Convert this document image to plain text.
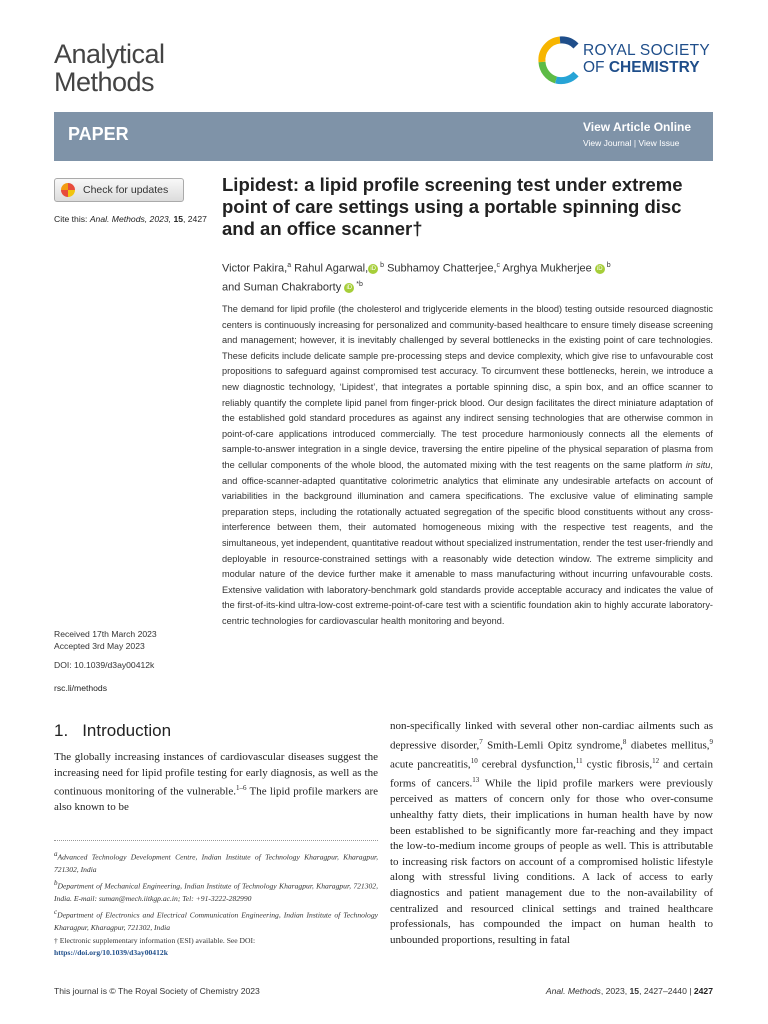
Analytical
Methods
ROYAL SOCIETY
OF CHEMISTRY
PAPER	View Article Online
View Journal | View Issue
Check for updates
Cite this: Anal. Methods, 2023, 15, 2427
Lipidest: a lipid profile screening test under extreme point of care settings using a portable spinning disc and an office scanner†
Victor Pakira,$^a$ Rahul Agarwal, iD $^b$ Subhamoy Chatterjee,$^c$ Arghya Mukherjee iD $^b$
and Suman Chakraborty iD $^{*b}$

The demand for lipid profile (the cholesterol and triglyceride elements in the blood) testing outside resourced diagnostic centers is continuously increasing for personalized and community-based healthcare to ensure timely disease screening and management; however, it is inevitably challenged by several bottlenecks in the existing point of care technologies. These deficits include delicate sample pre-processing steps and device complexity, which give rise to unfavourable cost propositions to safeguard against compromised test accuracy. To circumvent these bottlenecks, herein, we introduce a new diagnostic technology, ‘Lipidest’, that integrates a portable spinning disc, a spin box, and an office scanner to reliably quantify the complete lipid panel from finger-prick blood. Our design facilitates the direct miniature adaptation of the established gold standard procedures as against any indirect sensing technologies that are otherwise common in point-of-care applications introduced commercially. The test procedure harmoniously connects all the elements of sample-to-answer integration in a single device, traversing the entire pipeline of the physical separation of plasma from the cellular components of the whole blood, the automated mixing with the test reagents on the same platform in situ, and office-scanner-adapted quantitative colorimetric analytics that eliminate any undesirable artefacts on account of variabilities in the background illumination and camera specifications. The exclusive value of eliminating sample preparation steps, including the rotationally actuated segregation of the specific blood constituents without any cross-interference between them, their automated homogeneous mixing with the respective test reagents, and the simultaneous, yet independent, quantitative readout without specialized instrumentation, render the test user-friendly and deployable in resource-constrained settings with a reasonably wide detection window. The extreme simplicity and modular nature of the device further make it amenable to mass manufacturing without incurring unfavourable costs. Extensive validation with laboratory-benchmark gold standards provide acceptable accuracy and indicates the value of the first-of-its-kind ultra-low-cost extreme-point-of-care test with a scientific foundation akin to highly accurate laboratory-centric technologies for cardiovascular health monitoring and beyond.

Received 17th March 2023
Accepted 3rd May 2023
DOI: 10.1039/d3ay00412k
rsc.li/methods
1. Introduction

The globally increasing instances of cardiovascular diseases suggest the increasing need for lipid profile testing for early diagnosis, as well as the continuous monitoring of the vulnerable.$^{1-6}$ The lipid profile markers are also known to be

$^a$Advanced Technology Development Centre, Indian Institute of Technology Kharagpur, Kharagpur, 721302, India

$^b$Department of Mechanical Engineering, Indian Institute of Technology Kharagpur, Kharagpur, 721302, India. E-mail: suman@mech.iitkgp.ac.in; Tel: +91-3222-282990

$^c$Department of Electronics and Electrical Communication Engineering, Indian Institute of Technology Kharagpur, Kharagpur, 721302, India

† Electronic supplementary information (ESI) available. See DOI:
https://doi.org/10.1039/d3ay00412k

non-specifically linked with several other non-cardiac ailments such as depressive disorder,$^7$ Smith-Lemli Opitz syndrome,$^8$ diabetes mellitus,$^9$ acute pancreatitis,$^{10}$ cerebral dysfunction,$^{11}$ cystic fibrosis,$^{12}$ and certain forms of cancers.$^{13}$ While the lipid profile markers were previously perceived as matters of concern only for those who over-consume unhealthy fatty diets, their implications in human health have by now been established to be significantly more far-reaching and they impact the low-to-medium income groups of people as well. This is attributable to increasing risk factors on account of a compromised holistic lifestyle along with stressful living conditions. A lack of access to early diagnostics and patient management due to the non-availability of centralized and resourced clinical settings and trained healthcare professionals, has compounded the impact on human health to unbounded proportions, resulting in fatal

This journal is © The Royal Society of Chemistry 2023	Anal. Methods, 2023, 15, 2427–2440 | 2427
